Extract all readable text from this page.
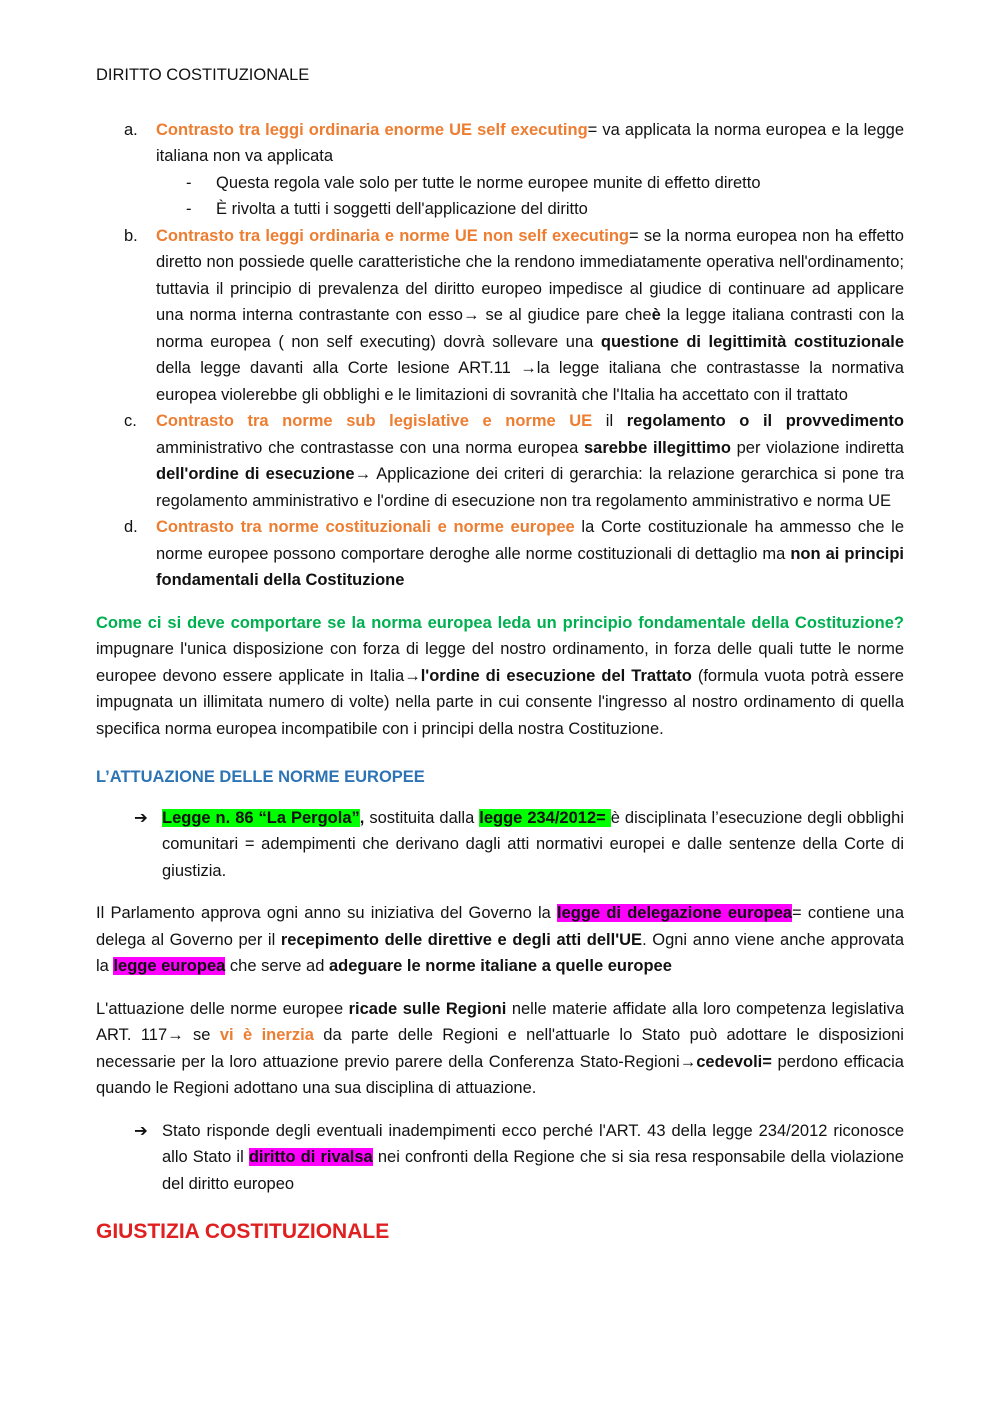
DIRITTO COSTITUZIONALE
a.	Contrasto tra leggi ordinaria enorme UE self executing= va applicata la norma europea e la legge italiana non va applicata
- Questa regola vale solo per tutte le norme europee munite di effetto diretto
- È rivolta a tutti i soggetti dell'applicazione del diritto
b.	Contrasto tra leggi ordinaria e norme UE non self executing= se la norma europea non ha effetto diretto non possiede quelle caratteristiche che la rendono immediatamente operativa nell'ordinamento; tuttavia il principio di prevalenza del diritto europeo impedisce al giudice di continuare ad applicare una norma interna contrastante con esso→ se al giudice pare cheè la legge italiana contrasti con la norma europea ( non self executing) dovrà sollevare una questione di legittimità costituzionale della legge davanti alla Corte lesione ART.11 →la legge italiana che contrastasse la normativa europea violerebbe gli obblighi e le limitazioni di sovranità che l'Italia ha accettato con il trattato
c.	Contrasto tra norme sub legislative e norme UE il regolamento o il provvedimento amministrativo che contrastasse con una norma europea sarebbe illegittimo per violazione indiretta dell'ordine di esecuzione→ Applicazione dei criteri di gerarchia: la relazione gerarchica si pone tra regolamento amministrativo e l'ordine di esecuzione non tra regolamento amministrativo e norma UE
d.	Contrasto tra norme costituzionali e norme europee la Corte costituzionale ha ammesso che le norme europee possono comportare deroghe alle norme costituzionali di dettaglio ma non ai principi fondamentali della Costituzione

Come ci si deve comportare se la norma europea leda un principio fondamentale della Costituzione? impugnare l'unica disposizione con forza di legge del nostro ordinamento, in forza delle quali tutte le norme europee devono essere applicate in Italia→l'ordine di esecuzione del Trattato (formula vuota potrà essere impugnata un illimitata numero di volte) nella parte in cui consente l'ingresso al nostro ordinamento di quella specifica norma europea incompatibile con i principi della nostra Costituzione.

L’ATTUAZIONE DELLE NORME EUROPEE
➔ Legge n. 86 “La Pergola”, sostituita dalla legge 234/2012= è disciplinata l’esecuzione degli obblighi comunitari = adempimenti che derivano dagli atti normativi europei e dalle sentenze della Corte di giustizia.

Il Parlamento approva ogni anno su iniziativa del Governo la legge di delegazione europea= contiene una delega al Governo per il recepimento delle direttive e degli atti dell'UE. Ogni anno viene anche approvata la legge europea che serve ad adeguare le norme italiane a quelle europee

L'attuazione delle norme europee ricade sulle Regioni nelle materie affidate alla loro competenza legislativa ART. 117→ se vi è inerzia da parte delle Regioni e nell'attuarle lo Stato può adottare le disposizioni necessarie per la loro attuazione previo parere della Conferenza Stato-Regioni→cedevoli= perdono efficacia quando le Regioni adottano una sua disciplina di attuazione.

➔ Stato risponde degli eventuali inadempimenti ecco perché l'ART. 43 della legge 234/2012 riconosce allo Stato il diritto di rivalsa nei confronti della Regione che si sia resa responsabile della violazione del diritto europeo
GIUSTIZIA COSTITUZIONALE
